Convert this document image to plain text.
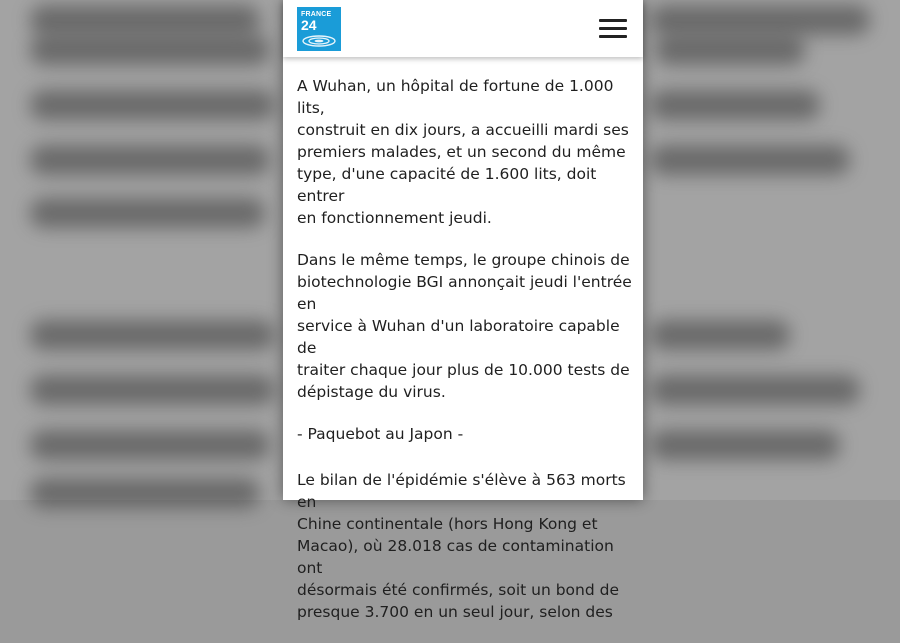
FRANCE
24

A Wuhan, un hôpital de fortune de 1.000 lits,
construit en dix jours, a accueilli mardi ses
premiers malades, et un second du même
type, d'une capacité de 1.600 lits, doit entrer
en fonctionnement jeudi.

Dans le même temps, le groupe chinois de
biotechnologie BGI annonçait jeudi l'entrée en
service à Wuhan d'un laboratoire capable de
traiter chaque jour plus de 10.000 tests de
dépistage du virus.

- Paquebot au Japon -

Le bilan de l'épidémie s'élève à 563 morts en
Chine continentale (hors Hong Kong et
Macao), où 28.018 cas de contamination ont
désormais été confirmés, soit un bond de
presque 3.700 en un seul jour, selon des
